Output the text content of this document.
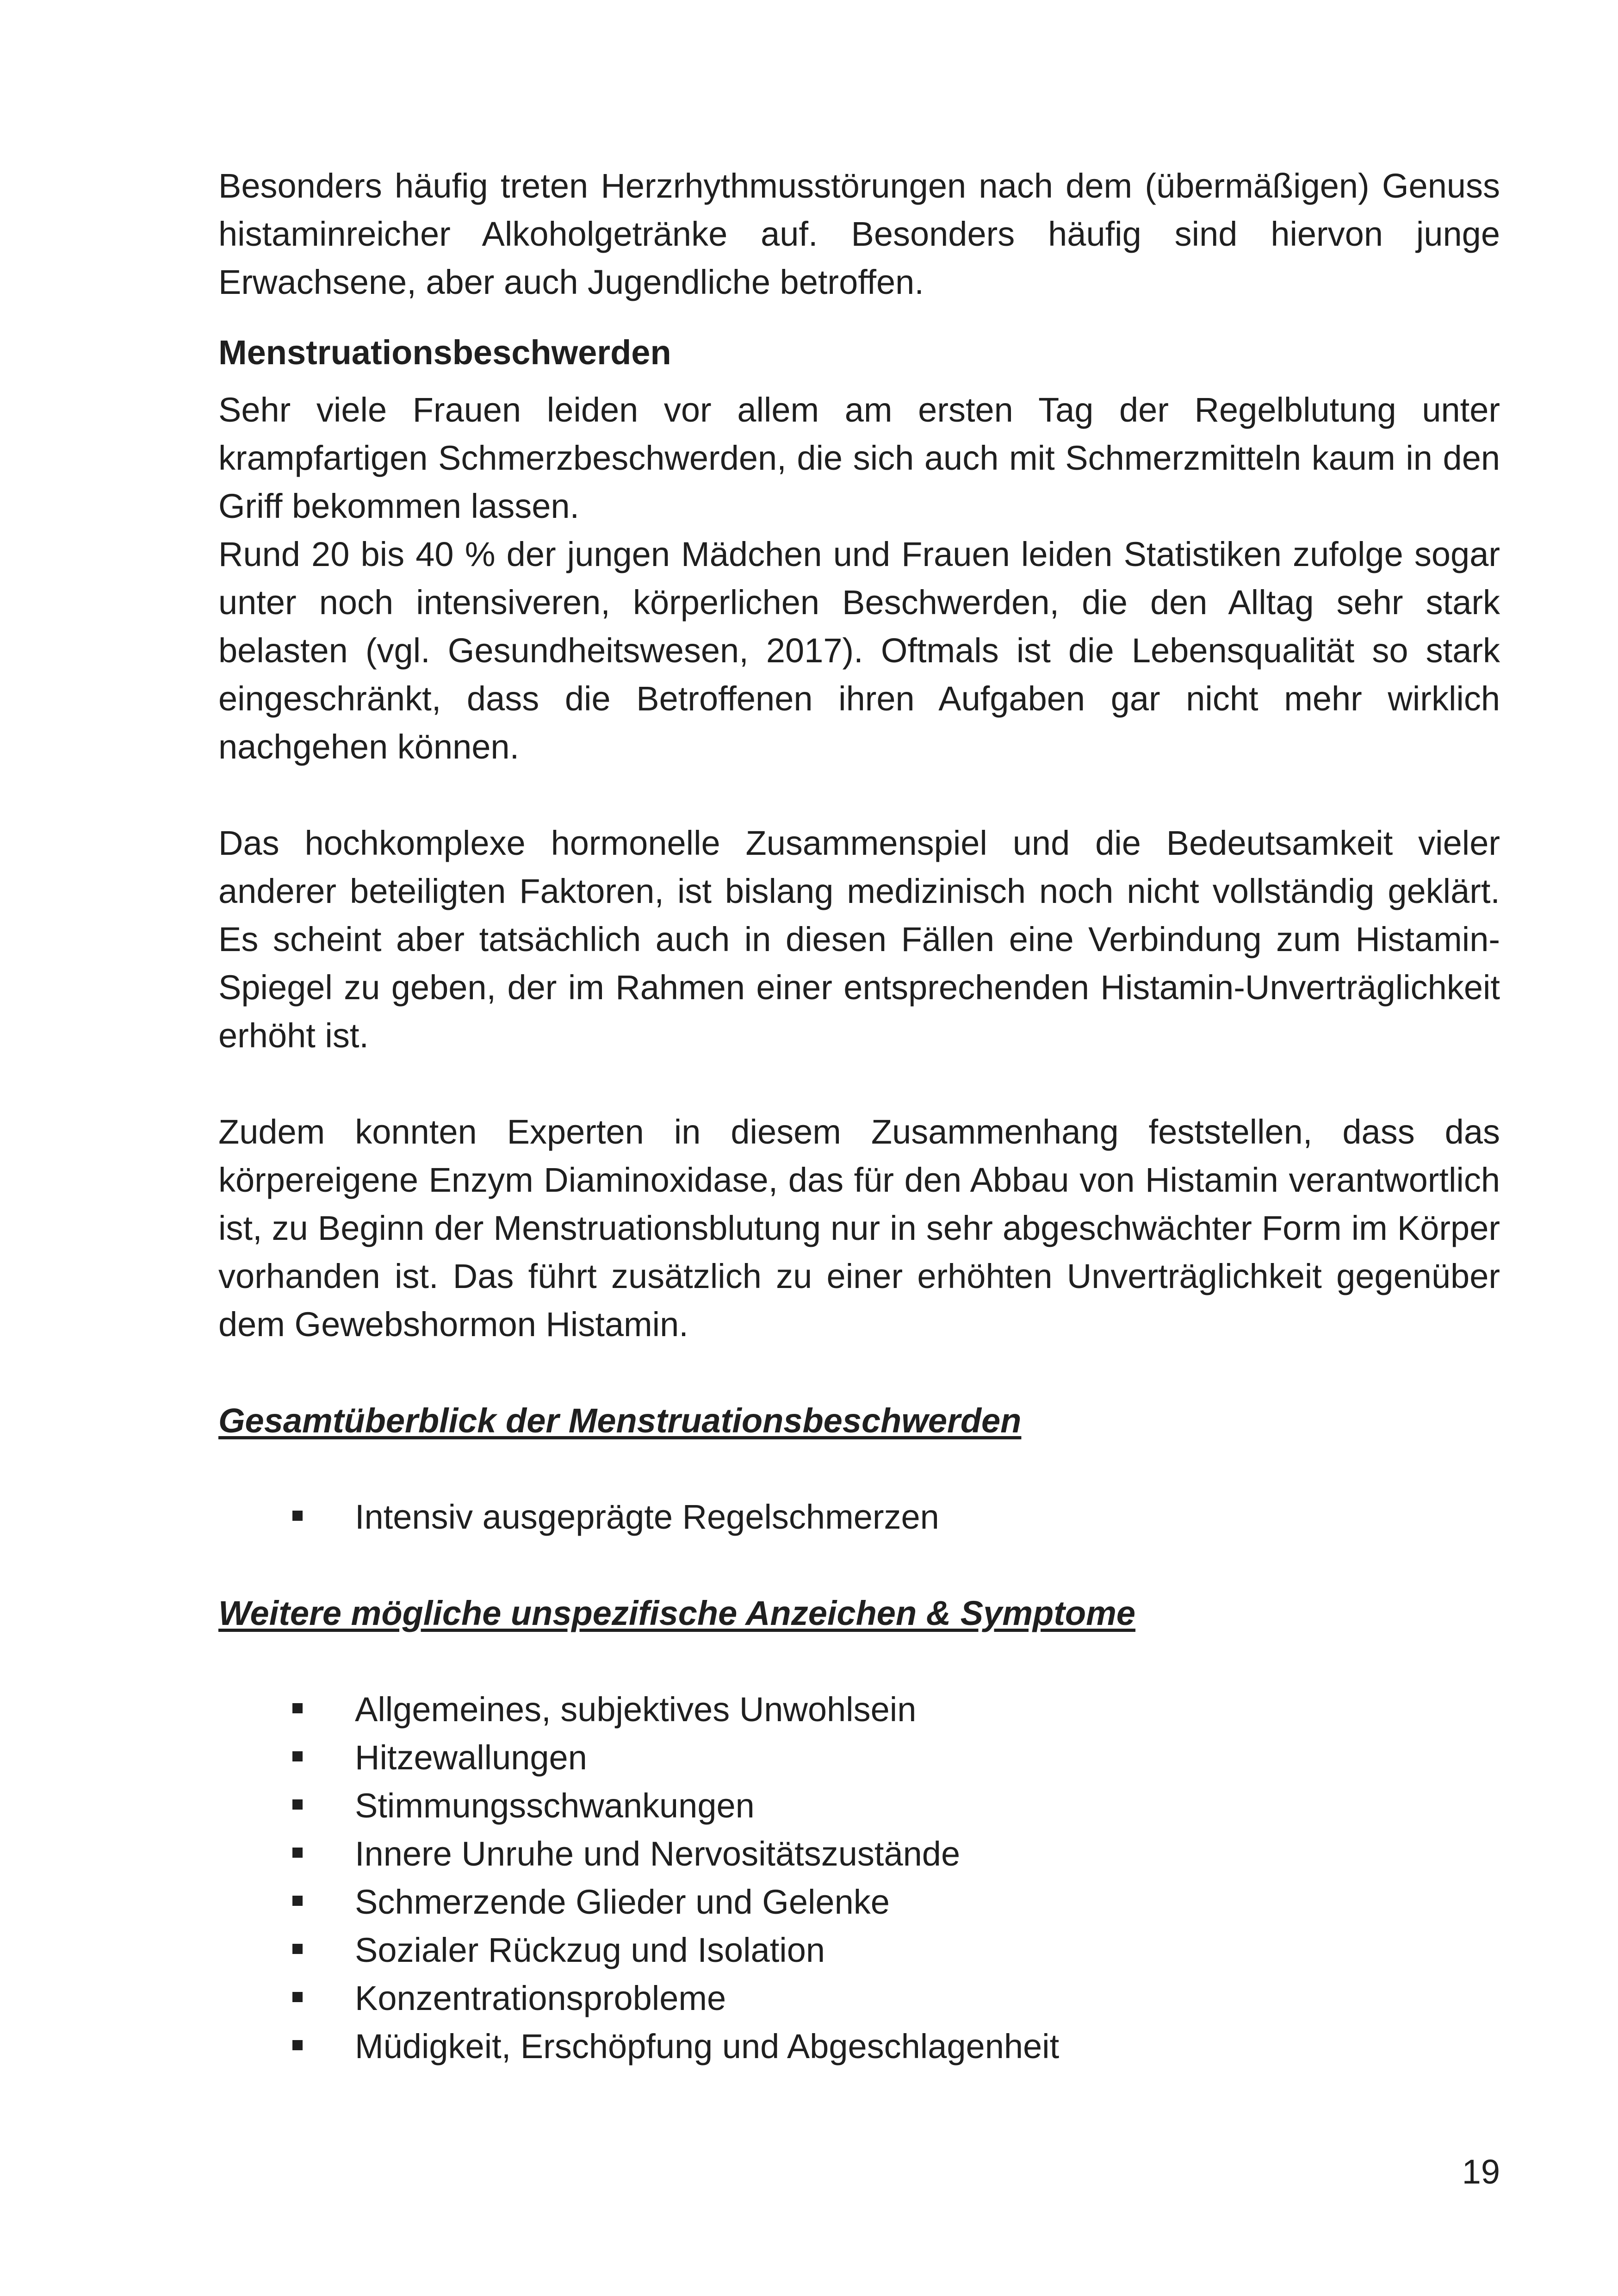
Besonders häufig treten Herzrhythmusstörungen nach dem (übermäßigen) Genuss histaminreicher Alkoholgetränke auf. Besonders häufig sind hiervon junge Erwachsene, aber auch Jugendliche betroffen.

Menstruationsbeschwerden

Sehr viele Frauen leiden vor allem am ersten Tag der Regelblutung unter krampfartigen Schmerzbeschwerden, die sich auch mit Schmerzmitteln kaum in den Griff bekommen lassen.

Rund 20 bis 40 % der jungen Mädchen und Frauen leiden Statistiken zufolge sogar unter noch intensiveren, körperlichen Beschwerden, die den Alltag sehr stark belasten (vgl. Gesundheitswesen, 2017). Oftmals ist die Lebensqualität so stark eingeschränkt, dass die Betroffenen ihren Aufgaben gar nicht mehr wirklich nachgehen können.

Das hochkomplexe hormonelle Zusammenspiel und die Bedeutsamkeit vieler anderer beteiligten Faktoren, ist bislang medizinisch noch nicht vollständig geklärt. Es scheint aber tatsächlich auch in diesen Fällen eine Verbindung zum Histamin-Spiegel zu geben, der im Rahmen einer entsprechenden Histamin-Unverträglichkeit erhöht ist.

Zudem konnten Experten in diesem Zusammenhang feststellen, dass das körpereigene Enzym Diaminoxidase, das für den Abbau von Histamin verantwortlich ist, zu Beginn der Menstruationsblutung nur in sehr abgeschwächter Form im Körper vorhanden ist. Das führt zusätzlich zu einer erhöhten Unverträglichkeit gegenüber dem Gewebshormon Histamin.

Gesamtüberblick der Menstruationsbeschwerden

Intensiv ausgeprägte Regelschmerzen

Weitere mögliche unspezifische Anzeichen & Symptome

Allgemeines, subjektives Unwohlsein
Hitzewallungen
Stimmungsschwankungen
Innere Unruhe und Nervositätszustände
Schmerzende Glieder und Gelenke
Sozialer Rückzug und Isolation
Konzentrationsprobleme
Müdigkeit, Erschöpfung und Abgeschlagenheit
19
